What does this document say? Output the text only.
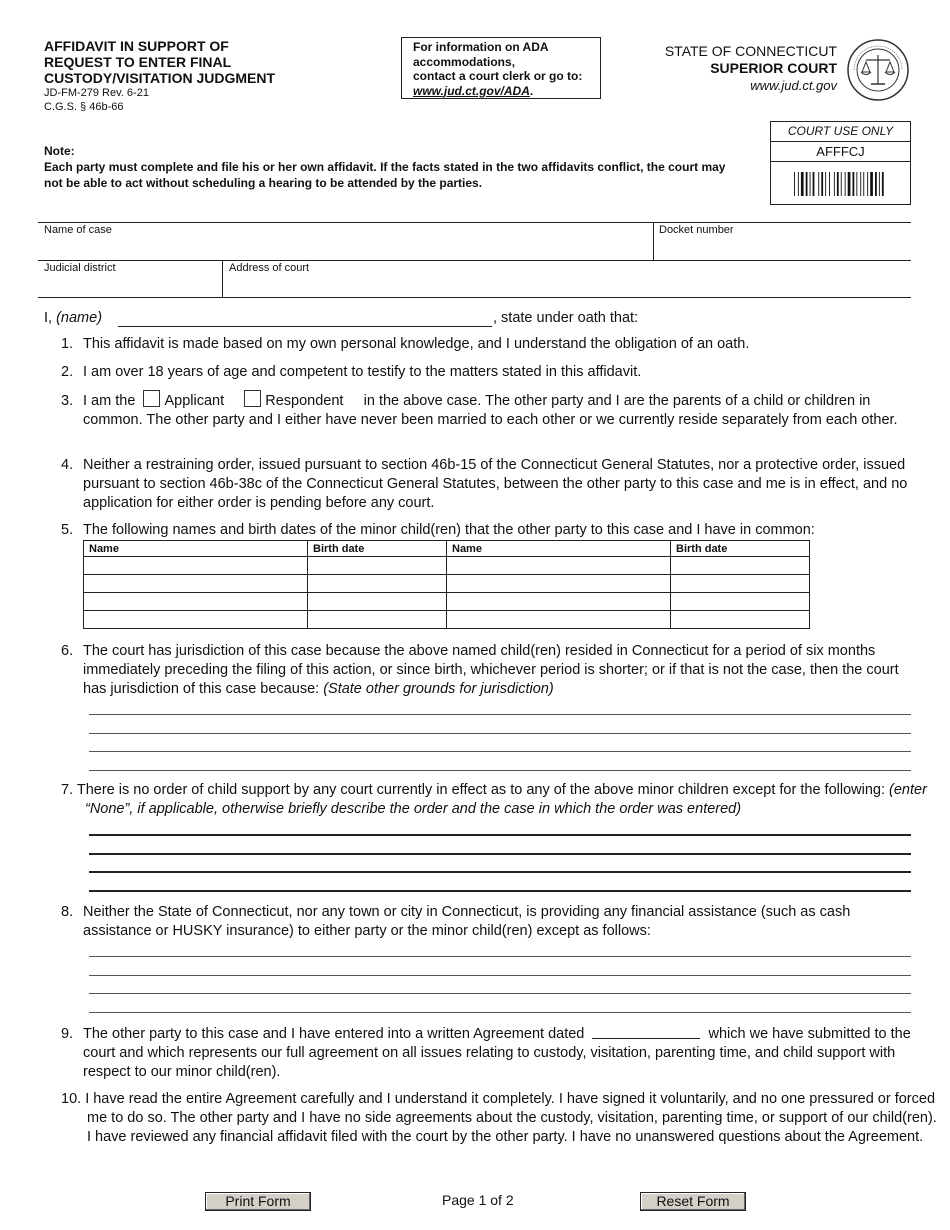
AFFIDAVIT IN SUPPORT OF
REQUEST TO ENTER FINAL
CUSTODY/VISITATION JUDGMENT
JD-FM-279 Rev. 6-21
C.G.S. § 46b-66
For information on ADA
accommodations,
contact a court clerk or go to:
www.jud.ct.gov/ADA.
STATE OF CONNECTICUT
SUPERIOR COURT
www.jud.ct.gov
COURT USE ONLY
AFFFCJ
Note:
Each party must complete and file his or her own affidavit. If the facts stated in the two affidavits conflict, the court may not be able to act without scheduling a hearing to be attended by the parties.
Name of case	Docket number
Judicial district	Address of court
I, (name)	, state under oath that:
1. This affidavit is made based on my own personal knowledge, and I understand the obligation of an oath.
2. I am over 18 years of age and competent to testify to the matters stated in this affidavit.
3. I am the Applicant	Respondent in the above case. The other party and I are the parents of a child or children in common. The other party and I either have never been married to each other or we currently reside separately from each other.
4. Neither a restraining order, issued pursuant to section 46b-15 of the Connecticut General Statutes, nor a protective order, issued pursuant to section 46b-38c of the Connecticut General Statutes, between the other party to this case and me is in effect, and no application for either order is pending before any court.
5. The following names and birth dates of the minor child(ren) that the other party to this case and I have in common:
Name	Birth date	Name	Birth date

6. The court has jurisdiction of this case because the above named child(ren) resided in Connecticut for a period of six months immediately preceding the filing of this action, or since birth, whichever period is shorter; or if that is not the case, then the court has jurisdiction of this case because: (State other grounds for jurisdiction)
7. There is no order of child support by any court currently in effect as to any of the above minor children except for the following: (enter “None”, if applicable, otherwise briefly describe the order and the case in which the order was entered)
8. Neither the State of Connecticut, nor any town or city in Connecticut, is providing any financial assistance (such as cash assistance or HUSKY insurance) to either party or the minor child(ren) except as follows:
9. The other party to this case and I have entered into a written Agreement dated	which we have submitted to the court and which represents our full agreement on all issues relating to custody, visitation, parenting time, and child support with respect to our minor child(ren).
10. I have read the entire Agreement carefully and I understand it completely. I have signed it voluntarily, and no one pressured or forced me to do so. The other party and I have no side agreements about the custody, visitation, parenting time, or support of our child(ren). I have reviewed any financial affidavit filed with the court by the other party. I have no unanswered questions about the Agreement.
Print Form	Page 1 of 2	Reset Form
